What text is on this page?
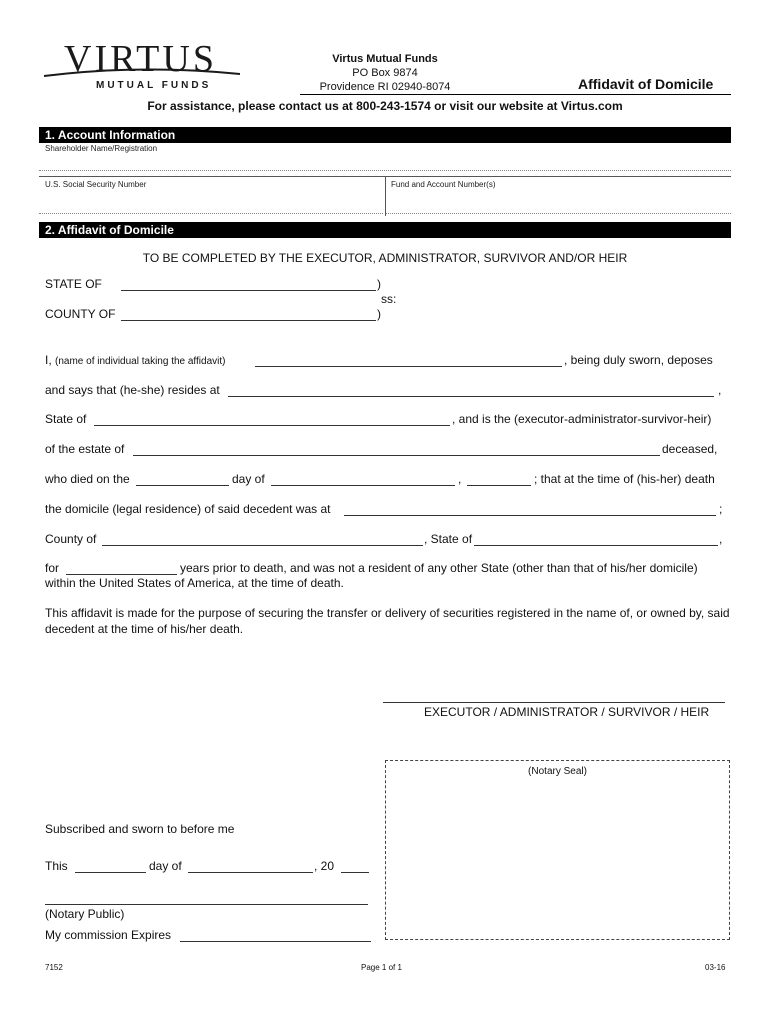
VIRTUS
MUTUAL FUNDS
Virtus Mutual Funds
PO Box 9874
Providence RI 02940-8074	Affidavit of Domicile
For assistance, please contact us at 800-243-1574 or visit our website at Virtus.com
1. Account Information
Shareholder Name/Registration
U.S. Social Security Number	Fund and Account Number(s)
2. Affidavit of Domicile
TO BE COMPLETED BY THE EXECUTOR, ADMINISTRATOR, SURVIVOR AND/OR HEIR
STATE OF	)
ss:
COUNTY OF	)
I, (name of individual taking the affidavit)	, being duly sworn, deposes
and says that (he-she) resides at	,
State of	, and is the (executor-administrator-survivor-heir)
of the estate of	deceased,
who died on the	day of	,	; that at the time of (his-her) death
the domicile (legal residence) of said decedent was at	;
County of	, State of	,
for	years prior to death, and was not a resident of any other State (other than that of his/her domicile)
within the United States of America, at the time of death.
This affidavit is made for the purpose of securing the transfer or delivery of securities registered in the name of, or owned by, said decedent at the time of his/her death.
EXECUTOR / ADMINISTRATOR / SURVIVOR / HEIR
(Notary Seal)
Subscribed and sworn to before me
This	day of	, 20
(Notary Public)
My commission Expires
7152	Page 1 of 1	03-16
